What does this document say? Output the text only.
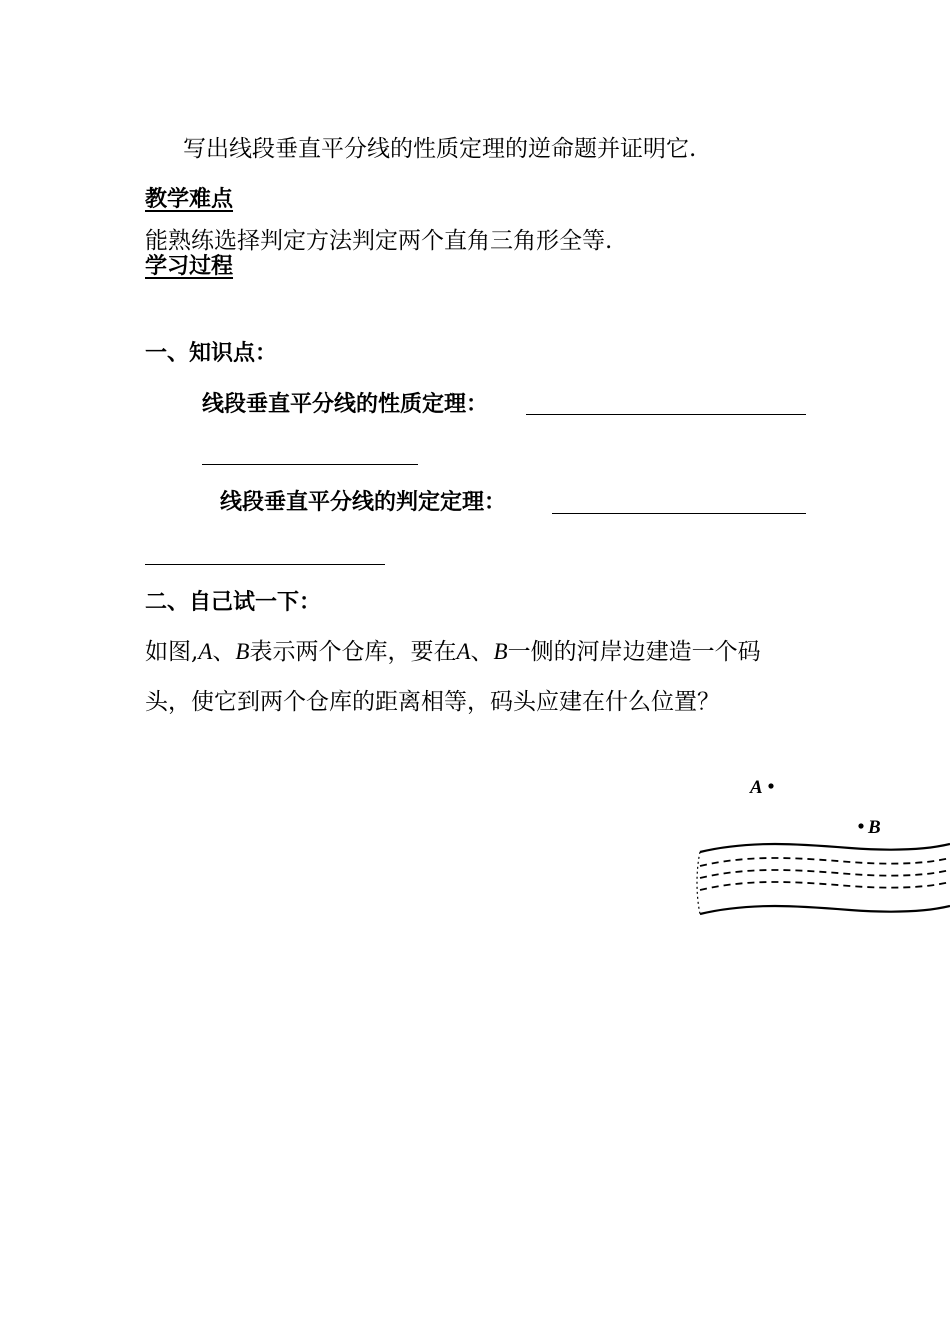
写出线段垂直平分线的性质定理的逆命题并证明它.
教学难点
能熟练选择判定方法判定两个直角三角形全等.
学习过程
一、知识点：
线段垂直平分线的性质定理：
线段垂直平分线的判定定理：
二、自己试一下：
如图,A、B表示两个仓库，要在A、B一侧的河岸边建造一个码
头，使它到两个仓库的距离相等，码头应建在什么位置？
A
B
